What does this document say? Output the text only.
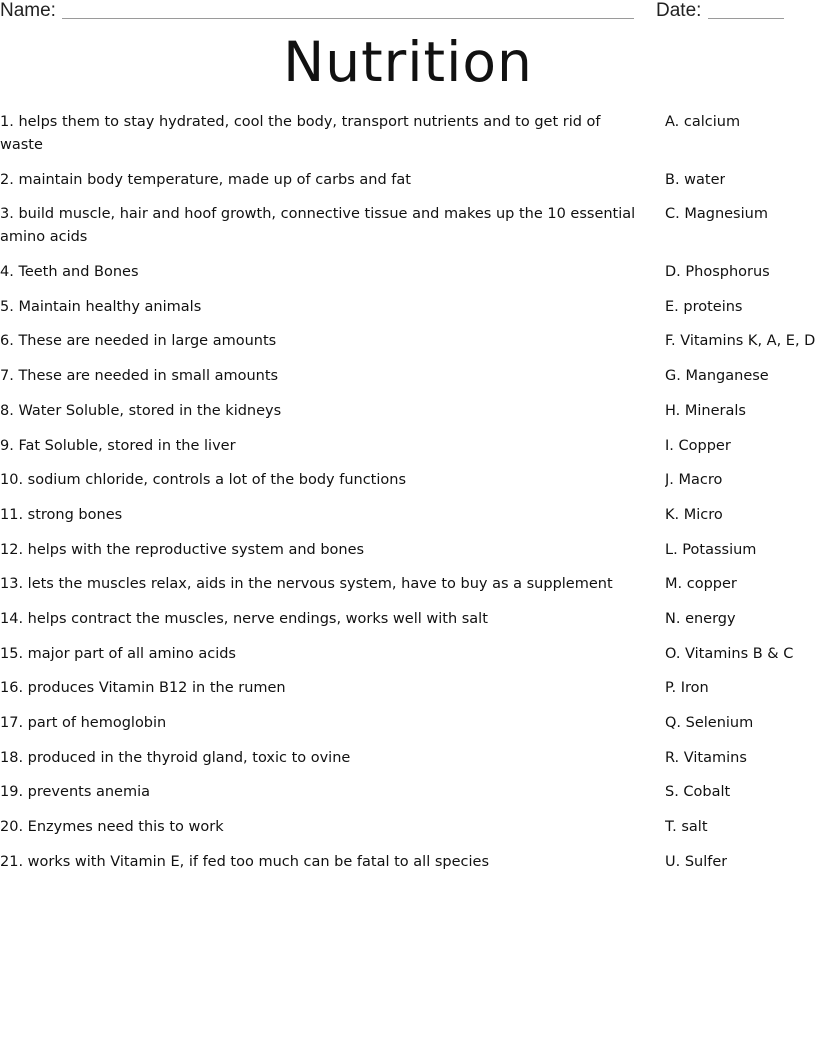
Name:	Date:
Nutrition
1. helps them to stay hydrated, cool the body, transport nutrients and to get rid of waste
2. maintain body temperature, made up of carbs and fat
3. build muscle, hair and hoof growth, connective tissue and makes up the 10 essential amino acids
4. Teeth and Bones
5. Maintain healthy animals
6. These are needed in large amounts
7. These are needed in small amounts
8. Water Soluble, stored in the kidneys
9. Fat Soluble, stored in the liver
10. sodium chloride, controls a lot of the body functions
11. strong bones
12. helps with the reproductive system and bones
13. lets the muscles relax, aids in the nervous system, have to buy as a supplement
14. helps contract the muscles, nerve endings, works well with salt
15. major part of all amino acids
16. produces Vitamin B12 in the rumen
17. part of hemoglobin
18. produced in the thyroid gland, toxic to ovine
19. prevents anemia
20. Enzymes need this to work
21. works with Vitamin E, if fed too much can be fatal to all species
A. calcium
B. water
C. Magnesium
D. Phosphorus
E. proteins
F. Vitamins K, A, E, D
G. Manganese
H. Minerals
I. Copper
J. Macro
K. Micro
L. Potassium
M. copper
N. energy
O. Vitamins B & C
P. Iron
Q. Selenium
R. Vitamins
S. Cobalt
T. salt
U. Sulfer
